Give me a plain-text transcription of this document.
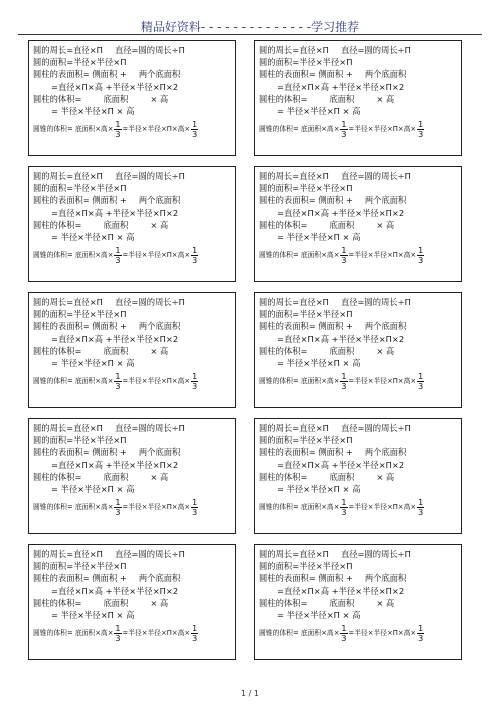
精品好资料- - - - - - - - - - - - - -学习推荐
圆的周长=直径×Π 直径=圆的周长÷Π
圆的面积=半径×半径×Π
圆柱的表面积= 侧面积 + 两个底面积
=直径×Π×高 +半径×半径×Π×2
圆柱的体积=	底面积	× 高
= 半径×半径×Π × 高
圆锥的体积= 底面积×高× $\frac{1}{3}$ =半径×半径×Π×高× $\frac{1}{3}$
圆的周长=直径×Π 直径=圆的周长÷Π
圆的面积=半径×半径×Π
圆柱的表面积= 侧面积 + 两个底面积
=直径×Π×高 +半径×半径×Π×2
圆柱的体积=	底面积	× 高
= 半径×半径×Π × 高
圆锥的体积= 底面积×高× $\frac{1}{3}$ =半径×半径×Π×高× $\frac{1}{3}$
圆的周长=直径×Π 直径=圆的周长÷Π
圆的面积=半径×半径×Π
圆柱的表面积= 侧面积 + 两个底面积
=直径×Π×高 +半径×半径×Π×2
圆柱的体积=	底面积	× 高
= 半径×半径×Π × 高
圆锥的体积= 底面积×高× $\frac{1}{3}$ =半径×半径×Π×高× $\frac{1}{3}$
圆的周长=直径×Π 直径=圆的周长÷Π
圆的面积=半径×半径×Π
圆柱的表面积= 侧面积 + 两个底面积
=直径×Π×高 +半径×半径×Π×2
圆柱的体积=	底面积	× 高
= 半径×半径×Π × 高
圆锥的体积= 底面积×高× $\frac{1}{3}$ =半径×半径×Π×高× $\frac{1}{3}$
圆的周长=直径×Π 直径=圆的周长÷Π
圆的面积=半径×半径×Π
圆柱的表面积= 侧面积 + 两个底面积
=直径×Π×高 +半径×半径×Π×2
圆柱的体积=	底面积	× 高
= 半径×半径×Π × 高
圆锥的体积= 底面积×高× $\frac{1}{3}$ =半径×半径×Π×高× $\frac{1}{3}$
圆的周长=直径×Π 直径=圆的周长÷Π
圆的面积=半径×半径×Π
圆柱的表面积= 侧面积 + 两个底面积
=直径×Π×高 +半径×半径×Π×2
圆柱的体积=	底面积	× 高
= 半径×半径×Π × 高
圆锥的体积= 底面积×高× $\frac{1}{3}$ =半径×半径×Π×高× $\frac{1}{3}$
圆的周长=直径×Π 直径=圆的周长÷Π
圆的面积=半径×半径×Π
圆柱的表面积= 侧面积 + 两个底面积
=直径×Π×高 +半径×半径×Π×2
圆柱的体积=	底面积	× 高
= 半径×半径×Π × 高
圆锥的体积= 底面积×高× $\frac{1}{3}$ =半径×半径×Π×高× $\frac{1}{3}$
圆的周长=直径×Π 直径=圆的周长÷Π
圆的面积=半径×半径×Π
圆柱的表面积= 侧面积 + 两个底面积
=直径×Π×高 +半径×半径×Π×2
圆柱的体积=	底面积	× 高
= 半径×半径×Π × 高
圆锥的体积= 底面积×高× $\frac{1}{3}$ =半径×半径×Π×高× $\frac{1}{3}$
圆的周长=直径×Π 直径=圆的周长÷Π
圆的面积=半径×半径×Π
圆柱的表面积= 侧面积 + 两个底面积
=直径×Π×高 +半径×半径×Π×2
圆柱的体积=	底面积	× 高
= 半径×半径×Π × 高
圆锥的体积= 底面积×高× $\frac{1}{3}$ =半径×半径×Π×高× $\frac{1}{3}$
圆的周长=直径×Π 直径=圆的周长÷Π
圆的面积=半径×半径×Π
圆柱的表面积= 侧面积 + 两个底面积
=直径×Π×高 +半径×半径×Π×2
圆柱的体积=	底面积	× 高
= 半径×半径×Π × 高
圆锥的体积= 底面积×高× $\frac{1}{3}$ =半径×半径×Π×高× $\frac{1}{3}$
1 / 1
